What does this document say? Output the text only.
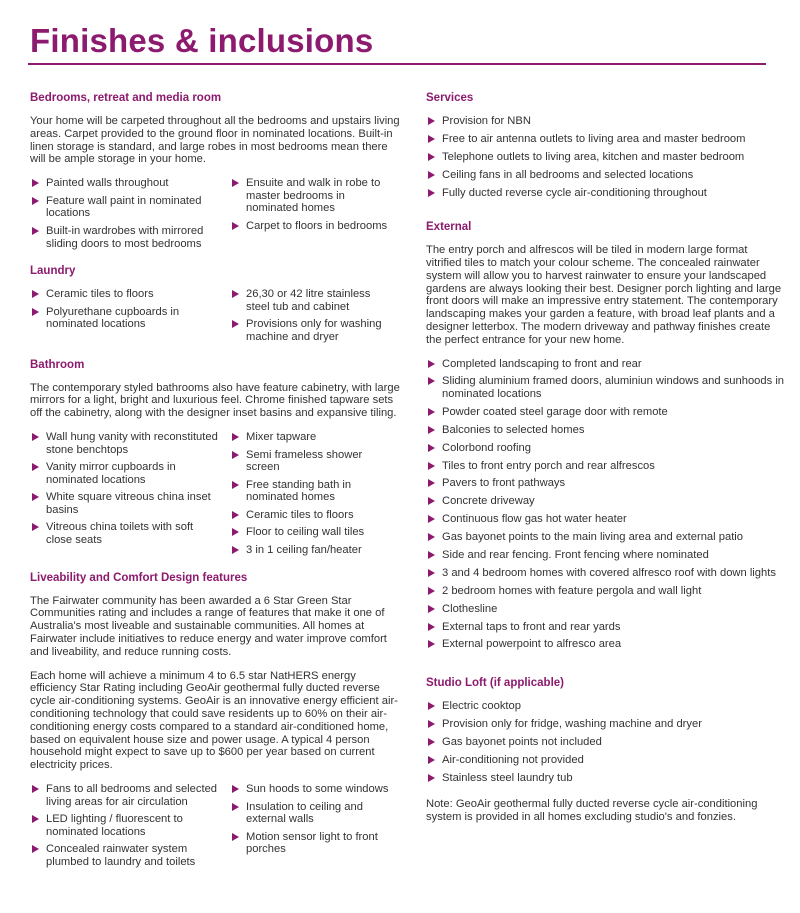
Finishes & inclusions
Bedrooms, retreat and media room

Your home will be carpeted throughout all the bedrooms and upstairs living areas. Carpet provided to the ground floor in nominated locations. Built-in linen storage is standard, and large robes in most bedrooms mean there will be ample storage in your home.

Painted walls throughout
Feature wall paint in nominated locations
Built-in wardrobes with mirrored sliding doors to most bedrooms
Ensuite and walk in robe to master bedrooms in nominated homes
Carpet to floors in bedrooms
Laundry
Ceramic tiles to floors
Polyurethane cupboards in nominated locations
26,30 or 42 litre stainless steel tub and cabinet
Provisions only for washing machine and dryer
Bathroom

The contemporary styled bathrooms also have feature cabinetry, with large mirrors for a light, bright and luxurious feel. Chrome finished tapware sets off the cabinetry, along with the designer inset basins and expansive tiling.

Wall hung vanity with reconstituted stone benchtops
Vanity mirror cupboards in nominated locations
White square vitreous china inset basins
Vitreous china toilets with soft close seats
Mixer tapware
Semi frameless shower screen
Free standing bath in nominated homes
Ceramic tiles to floors
Floor to ceiling wall tiles
3 in 1 ceiling fan/heater
Liveability and Comfort Design features

The Fairwater community has been awarded a 6 Star Green Star Communities rating and includes a range of features that make it one of Australia's most liveable and sustainable communities. All homes at Fairwater include initiatives to reduce energy and water improve comfort and liveability, and reduce running costs.

Each home will achieve a minimum 4 to 6.5 star NatHERS energy efficiency Star Rating including GeoAir geothermal fully ducted reverse cycle air-conditioning systems. GeoAir is an innovative energy efficient air-conditioning technology that could save residents up to 60% on their air-conditioning energy costs compared to a standard air-conditioned home, based on equivalent house size and power usage. A typical 4 person household might expect to save up to $600 per year based on current electricity prices.

Fans to all bedrooms and selected living areas for air circulation
LED lighting / fluorescent to nominated locations
Concealed rainwater system plumbed to laundry and toilets
Sun hoods to some windows
Insulation to ceiling and external walls
Motion sensor light to front porches
Services
Provision for NBN
Free to air antenna outlets to living area and master bedroom
Telephone outlets to living area, kitchen and master bedroom
Ceiling fans in all bedrooms and selected locations
Fully ducted reverse cycle air-conditioning throughout
External

The entry porch and alfrescos will be tiled in modern large format vitrified tiles to match your colour scheme. The concealed rainwater system will allow you to harvest rainwater to ensure your landscaped gardens are always looking their best. Designer porch lighting and large front doors will make an impressive entry statement. The contemporary landscaping makes your garden a feature, with broad leaf plants and a designer letterbox. The modern driveway and pathway finishes create the perfect entrance for your new home.

Completed landscaping to front and rear
Sliding aluminium framed doors, aluminiun windows and sunhoods in nominated locations
Powder coated steel garage door with remote
Balconies to selected homes
Colorbond roofing
Tiles to front entry porch and rear alfrescos
Pavers to front pathways
Concrete driveway
Continuous flow gas hot water heater
Gas bayonet points to the main living area and external patio
Side and rear fencing. Front fencing where nominated
3 and 4 bedroom homes with covered alfresco roof with down lights
2 bedroom homes with feature pergola and wall light
Clothesline
External taps to front and rear yards
External powerpoint to alfresco area
Studio Loft (if applicable)
Electric cooktop
Provision only for fridge, washing machine and dryer
Gas bayonet points not included
Air-conditioning not provided
Stainless steel laundry tub

Note: GeoAir geothermal fully ducted reverse cycle air-conditioning system is provided in all homes excluding studio's and fonzies.
